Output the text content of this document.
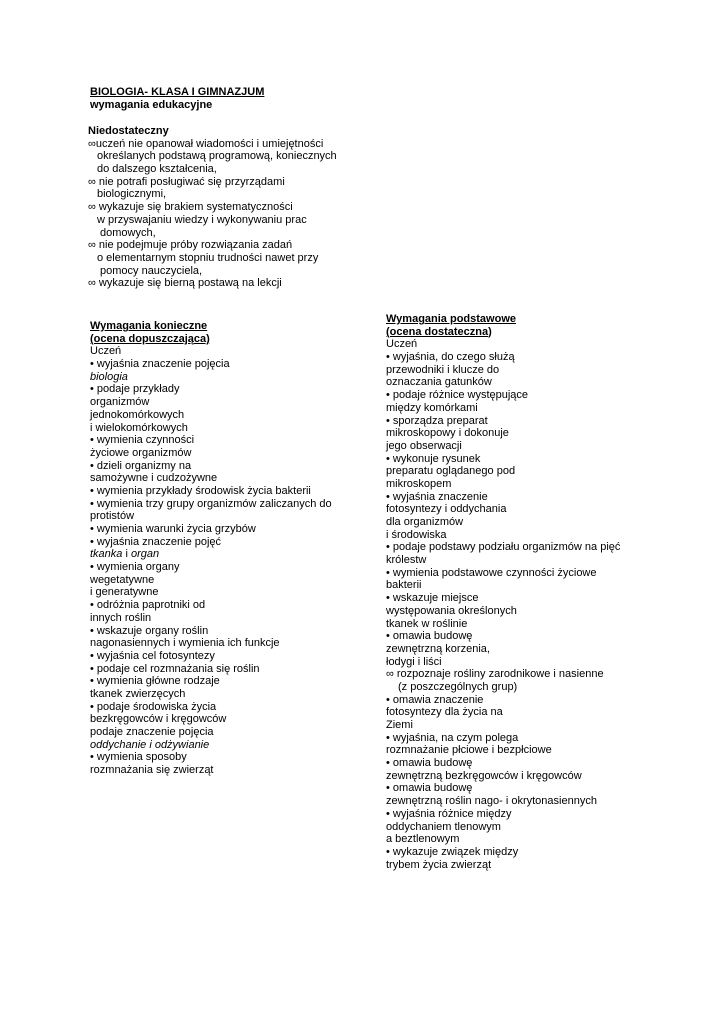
BIOLOGIA- KLASA I GIMNAZJUM
wymagania edukacyjne
Niedostateczny
∞uczeń nie opanował wiadomości i umiejętności
określanych podstawą programową, koniecznych
do dalszego kształcenia,
∞ nie potrafi posługiwać się przyrządami
biologicznymi,
∞ wykazuje się brakiem systematyczności
w przyswajaniu wiedzy i wykonywaniu prac
domowych,
∞ nie podejmuje próby rozwiązania zadań
o elementarnym stopniu trudności nawet przy
pomocy nauczyciela,
∞ wykazuje się bierną postawą na lekcji
Wymagania konieczne
(ocena dopuszczająca)
Uczeń
• wyjaśnia znaczenie pojęcia
biologia
• podaje przykłady
organizmów
jednokomórkowych
i wielokomórkowych
• wymienia czynności
życiowe organizmów
• dzieli organizmy na
samożywne i cudzożywne
• wymienia przykłady środowisk życia bakterii
• wymienia trzy grupy organizmów zaliczanych do
protistów
• wymienia warunki życia grzybów
• wyjaśnia znaczenie pojęć
tkanka i organ
• wymienia organy
wegetatywne
i generatywne
• odróżnia paprotniki od
innych roślin
• wskazuje organy roślin
nagonasiennych i wymienia ich funkcje
• wyjaśnia cel fotosyntezy
• podaje cel rozmnażania się roślin
• wymienia główne rodzaje
tkanek zwierzęcych
• podaje środowiska życia
bezkręgowców i kręgowców
podaje znaczenie pojęcia
oddychanie i odżywianie
• wymienia sposoby
rozmnażania się zwierząt
Wymagania podstawowe
(ocena dostateczna)
Uczeń
• wyjaśnia, do czego służą
przewodniki i klucze do
oznaczania gatunków
• podaje różnice występujące
między komórkami
• sporządza preparat
mikroskopowy i dokonuje
jego obserwacji
• wykonuje rysunek
preparatu oglądanego pod
mikroskopem
• wyjaśnia znaczenie
fotosyntezy i oddychania
dla organizmów
i środowiska
• podaje podstawy podziału organizmów na pięć
królestw
• wymienia podstawowe czynności życiowe
bakterii
• wskazuje miejsce
występowania określonych
tkanek w roślinie
• omawia budowę
zewnętrzną korzenia,
łodygi i liści
∞ rozpoznaje rośliny zarodnikowe i nasienne
(z poszczególnych grup)
• omawia znaczenie
fotosyntezy dla życia na
Ziemi
• wyjaśnia, na czym polega
rozmnażanie płciowe i bezpłciowe
• omawia budowę
zewnętrzną bezkręgowców i kręgowców
• omawia budowę
zewnętrzną roślin nago- i okrytonasiennych
• wyjaśnia różnice między
oddychaniem tlenowym
a beztlenowym
• wykazuje związek między
trybem życia zwierząt
